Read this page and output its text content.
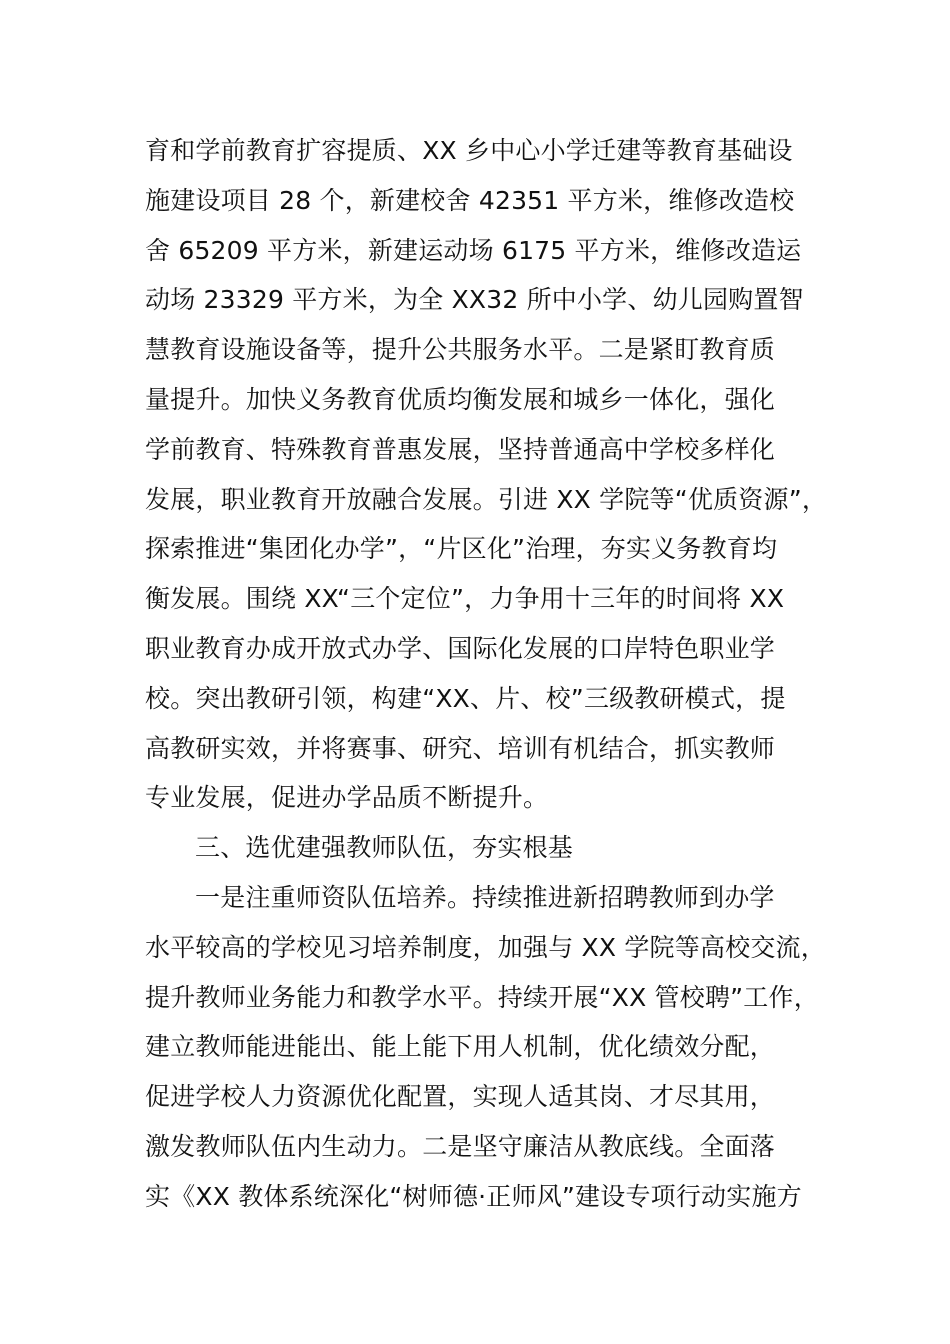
育和学前教育扩容提质、XX 乡中心小学迁建等教育基础设
施建设项目 28 个，新建校舍 42351 平方米，维修改造校
舍 65209 平方米，新建运动场 6175 平方米，维修改造运
动场 23329 平方米，为全 XX32 所中小学、幼儿园购置智
慧教育设施设备等，提升公共服务水平。二是紧盯教育质
量提升。加快义务教育优质均衡发展和城乡一体化，强化
学前教育、特殊教育普惠发展，坚持普通高中学校多样化
发展，职业教育开放融合发展。引进 XX 学院等“优质资源”，
探索推进“集团化办学”，“片区化”治理，夯实义务教育均
衡发展。围绕 XX“三个定位”，力争用十三年的时间将 XX
职业教育办成开放式办学、国际化发展的口岸特色职业学
校。突出教研引领，构建“XX、片、校”三级教研模式，提
高教研实效，并将赛事、研究、培训有机结合，抓实教师
专业发展，促进办学品质不断提升。
三、选优建强教师队伍，夯实根基
一是注重师资队伍培养。持续推进新招聘教师到办学
水平较高的学校见习培养制度，加强与 XX 学院等高校交流，
提升教师业务能力和教学水平。持续开展“XX 管校聘”工作，
建立教师能进能出、能上能下用人机制，优化绩效分配，
促进学校人力资源优化配置，实现人适其岗、才尽其用，
激发教师队伍内生动力。二是坚守廉洁从教底线。全面落
实《XX 教体系统深化“树师德·正师风”建设专项行动实施方
